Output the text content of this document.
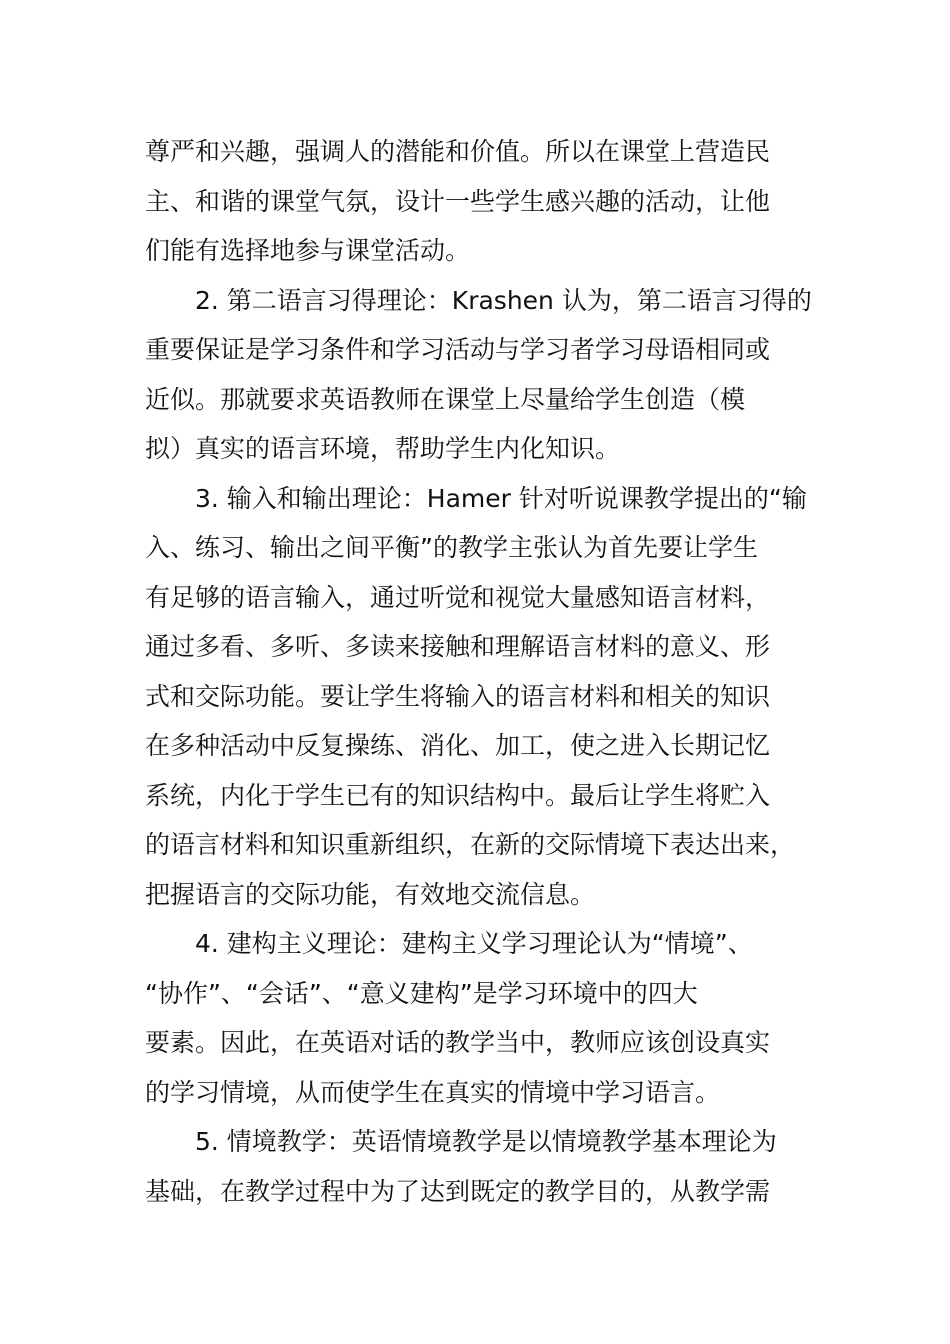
尊严和兴趣，强调人的潜能和价值。所以在课堂上营造民
主、和谐的课堂气氛，设计一些学生感兴趣的活动，让他
们能有选择地参与课堂活动。
2. 第二语言习得理论：Krashen 认为，第二语言习得的
重要保证是学习条件和学习活动与学习者学习母语相同或
近似。那就要求英语教师在课堂上尽量给学生创造（模
拟）真实的语言环境，帮助学生内化知识。
3. 输入和输出理论：Hamer 针对听说课教学提出的“输
入、练习、输出之间平衡”的教学主张认为首先要让学生
有足够的语言输入，通过听觉和视觉大量感知语言材料，
通过多看、多听、多读来接触和理解语言材料的意义、形
式和交际功能。要让学生将输入的语言材料和相关的知识
在多种活动中反复操练、消化、加工，使之进入长期记忆
系统，内化于学生已有的知识结构中。最后让学生将贮入
的语言材料和知识重新组织，在新的交际情境下表达出来，
把握语言的交际功能，有效地交流信息。
4. 建构主义理论：建构主义学习理论认为“情境”、
“协作”、“会话”、“意义建构”是学习环境中的四大
要素。因此，在英语对话的教学当中，教师应该创设真实
的学习情境，从而使学生在真实的情境中学习语言。
5. 情境教学：英语情境教学是以情境教学基本理论为
基础，在教学过程中为了达到既定的教学目的，从教学需
